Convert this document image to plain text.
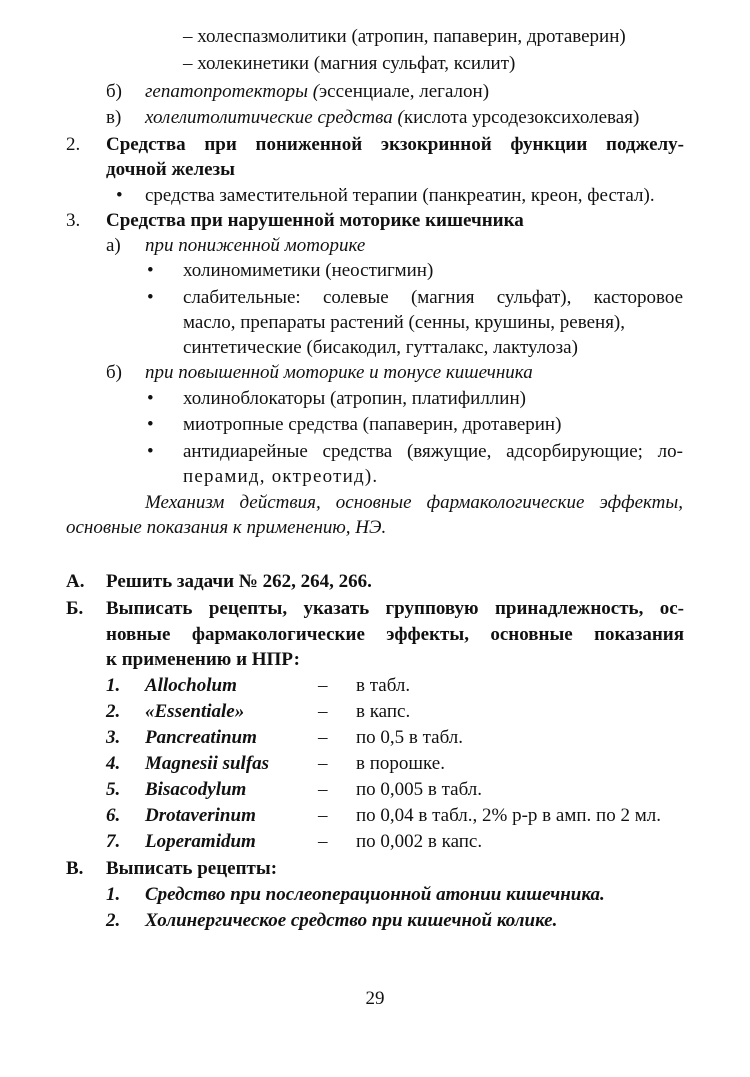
– холеспазмолитики (атропин, папаверин, дротаверин)
– холекинетики (магния сульфат, ксилит)
б) гепатопротекторы (эссенциале, легалон)
в) холелитолитические средства (кислота урсодезоксихолевая)
2. Средства при пониженной экзокринной функции поджелу-
дочной железы
• средства заместительной терапии (панкреатин, креон, фестал).
3. Средства при нарушенной моторике кишечника
а) при пониженной моторике
• холиномиметики (неостигмин)
• слабительные: солевые (магния сульфат), касторовое
масло, препараты растений (сенны, крушины, ревеня),
синтетические (бисакодил, гутталакс, лактулоза)
б) при повышенной моторике и тонусе кишечника
• холиноблокаторы (атропин, платифиллин)
• миотропные средства (папаверин, дротаверин)
• антидиарейные средства (вяжущие, адсорбирующие; ло-
перамид, октреотид).
Механизм действия, основные фармакологические эффекты,
основные показания к применению, НЭ.
А. Решить задачи № 262, 264, 266.
Б. Выписать рецепты, указать групповую принадлежность, ос-
новные фармакологические эффекты, основные показания
к применению и НПР:
1. Allocholum	– в табл.
2. «Essentiale»	– в капс.
3. Pancreatinum	– по 0,5 в табл.
4. Magnesii sulfas	– в порошке.
5. Bisacodylum	– по 0,005 в табл.
6. Drotaverinum	– по 0,04 в табл., 2% р-р в амп. по 2 мл.
7. Loperamidum	– по 0,002 в капс.
В. Выписать рецепты:
1. Средство при послеоперационной атонии кишечника.
2. Холинергическое средство при кишечной колике.
29
